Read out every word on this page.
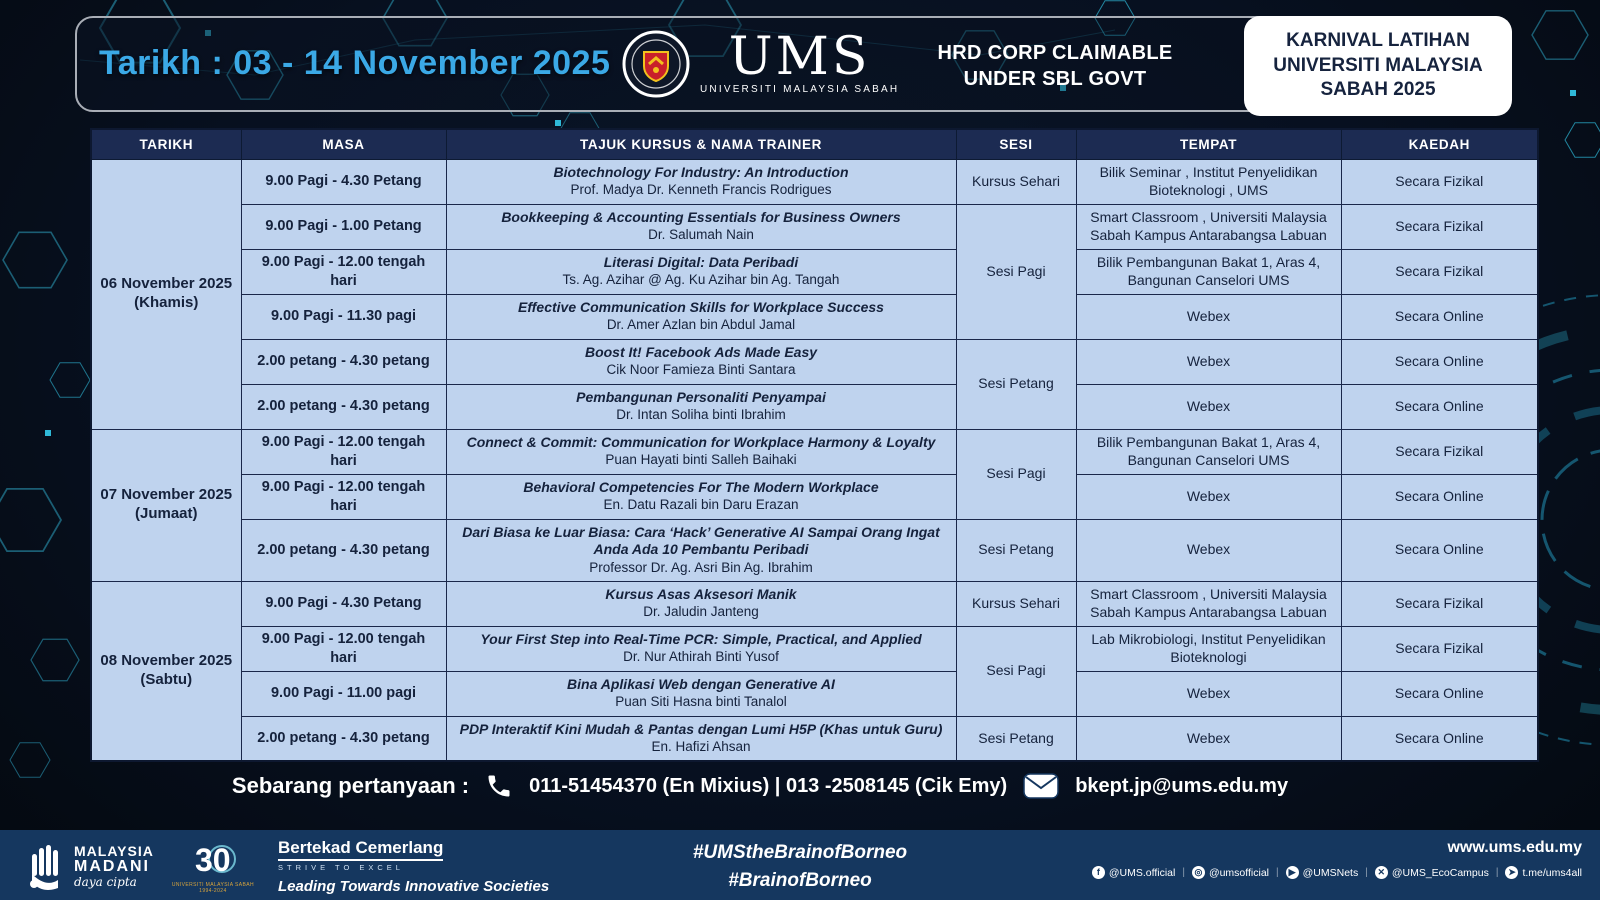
Tarikh : 03 - 14 November 2025 UMS
UNIVERSITI MALAYSIA SABAH
HRD CORP CLAIMABLE
UNDER SBL GOVT
KARNIVAL LATIHAN
UNIVERSITI MALAYSIA
SABAH 2025
TARIKH	MASA	TAJUK KURSUS & NAMA TRAINER	SESI	TEMPAT	KAEDAH

06 November 2025
(Khamis)
	9.00 Pagi - 4.30 Petang	
Biotechnology For Industry: An Introduction
Prof. Madya Dr. Kenneth Francis Rodrigues
	Kursus Sehari	Bilik Seminar , Institut Penyelidikan Bioteknologi , UMS	Secara Fizikal
	9.00 Pagi - 1.00 Petang	Bookkeeping & Accounting Essentials for Business Owners
Dr. Salumah Nain	Sesi Pagi	Smart Classroom , Universiti Malaysia Sabah Kampus Antarabangsa Labuan	Secara Fizikal
	9.00 Pagi - 12.00 tengah hari	Literasi Digital: Data Peribadi
Ts. Ag. Azihar @ Ag. Ku Azihar bin Ag. Tangah		Bilik Pembangunan Bakat 1, Aras 4, Bangunan Canselori UMS	Secara Fizikal
	9.00 Pagi - 11.30 pagi	Effective Communication Skills for Workplace Success
Dr. Amer Azlan bin Abdul Jamal		Webex	Secara Online
	2.00 petang - 4.30 petang	Boost It! Facebook Ads Made Easy
Cik Noor Famieza Binti Santara	Sesi Petang	Webex	Secara Online
	2.00 petang - 4.30 petang	Pembangunan Personaliti Penyampai
Dr. Intan Soliha binti Ibrahim		Webex	Secara Online

07 November 2025
(Jumaat)
	9.00 Pagi - 12.00 tengah hari	
Connect & Commit: Communication for Workplace Harmony & Loyalty
Puan Hayati binti Salleh Baihaki
	Sesi Pagi	Bilik Pembangunan Bakat 1, Aras 4, Bangunan Canselori UMS	Secara Fizikal
	9.00 Pagi - 12.00 tengah hari	Behavioral Competencies For The Modern Workplace
En. Datu Razali bin Daru Erazan		Webex	Secara Online
	2.00 petang - 4.30 petang	Dari Biasa ke Luar Biasa: Cara ‘Hack’ Generative AI Sampai Orang Ingat Anda Ada 10 Pembantu Peribadi
Professor Dr. Ag. Asri Bin Ag. Ibrahim	Sesi Petang	Webex	Secara Online

08 November 2025
(Sabtu)
	9.00 Pagi - 4.30 Petang	
Kursus Asas Aksesori Manik
Dr. Jaludin Janteng
	Kursus Sehari	Smart Classroom , Universiti Malaysia Sabah Kampus Antarabangsa Labuan	Secara Fizikal
	9.00 Pagi - 12.00 tengah hari	Your First Step into Real-Time PCR: Simple, Practical, and Applied
Dr. Nur Athirah Binti Yusof	Sesi Pagi	Lab Mikrobiologi, Institut Penyelidikan Bioteknologi	Secara Fizikal
	9.00 Pagi - 11.00 pagi	Bina Aplikasi Web dengan Generative AI
Puan Siti Hasna binti Tanalol		Webex	Secara Online
	2.00 petang - 4.30 petang	PDP Interaktif Kini Mudah & Pantas dengan Lumi H5P (Khas untuk Guru)
En. Hafizi Ahsan	Sesi Petang	Webex	Secara Online
Sebarang pertanyaan :	011-51454370 (En Mixius) | 013 -2508145 (Cik Emy)	bkept.jp@ums.edu.my
MALAYSIA
MADANI
daya cipta
30
UNIVERSITI MALAYSIA SABAH
1994-2024
Bertekad Cemerlang
STRIVE TO EXCEL
Leading Towards Innovative Societies
#UMStheBrainofBorneo
#BrainofBorneo
www.ums.edu.my
f @UMS.official | ◎ @umsofficial |	▶ @UMSNets |	✕ @UMS_EcoCampus |	➤ t.me/ums4all
